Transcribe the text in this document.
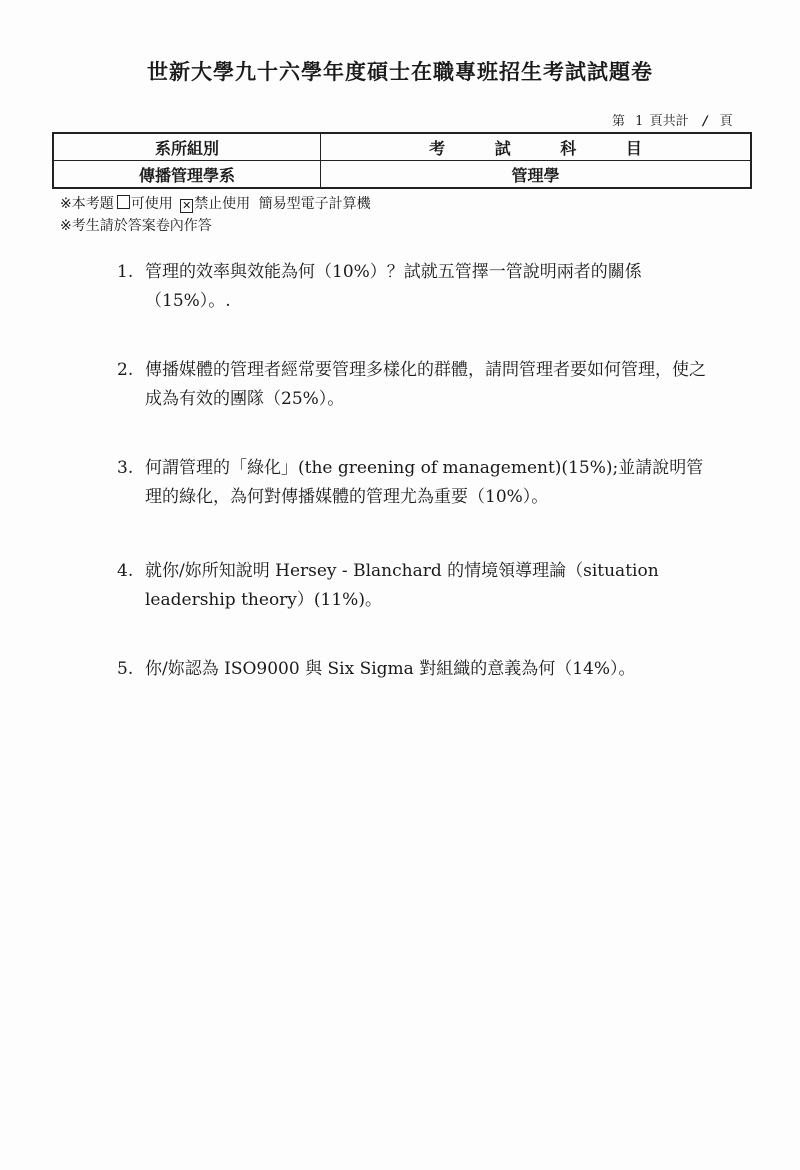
世新大學九十六學年度碩士在職專班招生考試試題卷
第 1 頁共計 / 頁
系所組別	考 試 科 目
傳播管理學系	管理學
※本考題 可使用 ✕ 禁止使用 簡易型電子計算機
※考生請於答案卷內作答
1. 管理的效率與效能為何（10%）？試就五管擇一管說明兩者的關係（15%）。.
2. 傳播媒體的管理者經常要管理多樣化的群體，請問管理者要如何管理，使之成為有效的團隊（25%）。
3. 何謂管理的「綠化」(the greening of management)(15%);並請說明管理的綠化，為何對傳播媒體的管理尤為重要（10%）。
4. 就你/妳所知說明 Hersey - Blanchard 的情境領導理論（situation leadership theory）(11%)。
5. 你/妳認為 ISO9000 與 Six Sigma 對組織的意義為何（14%）。
